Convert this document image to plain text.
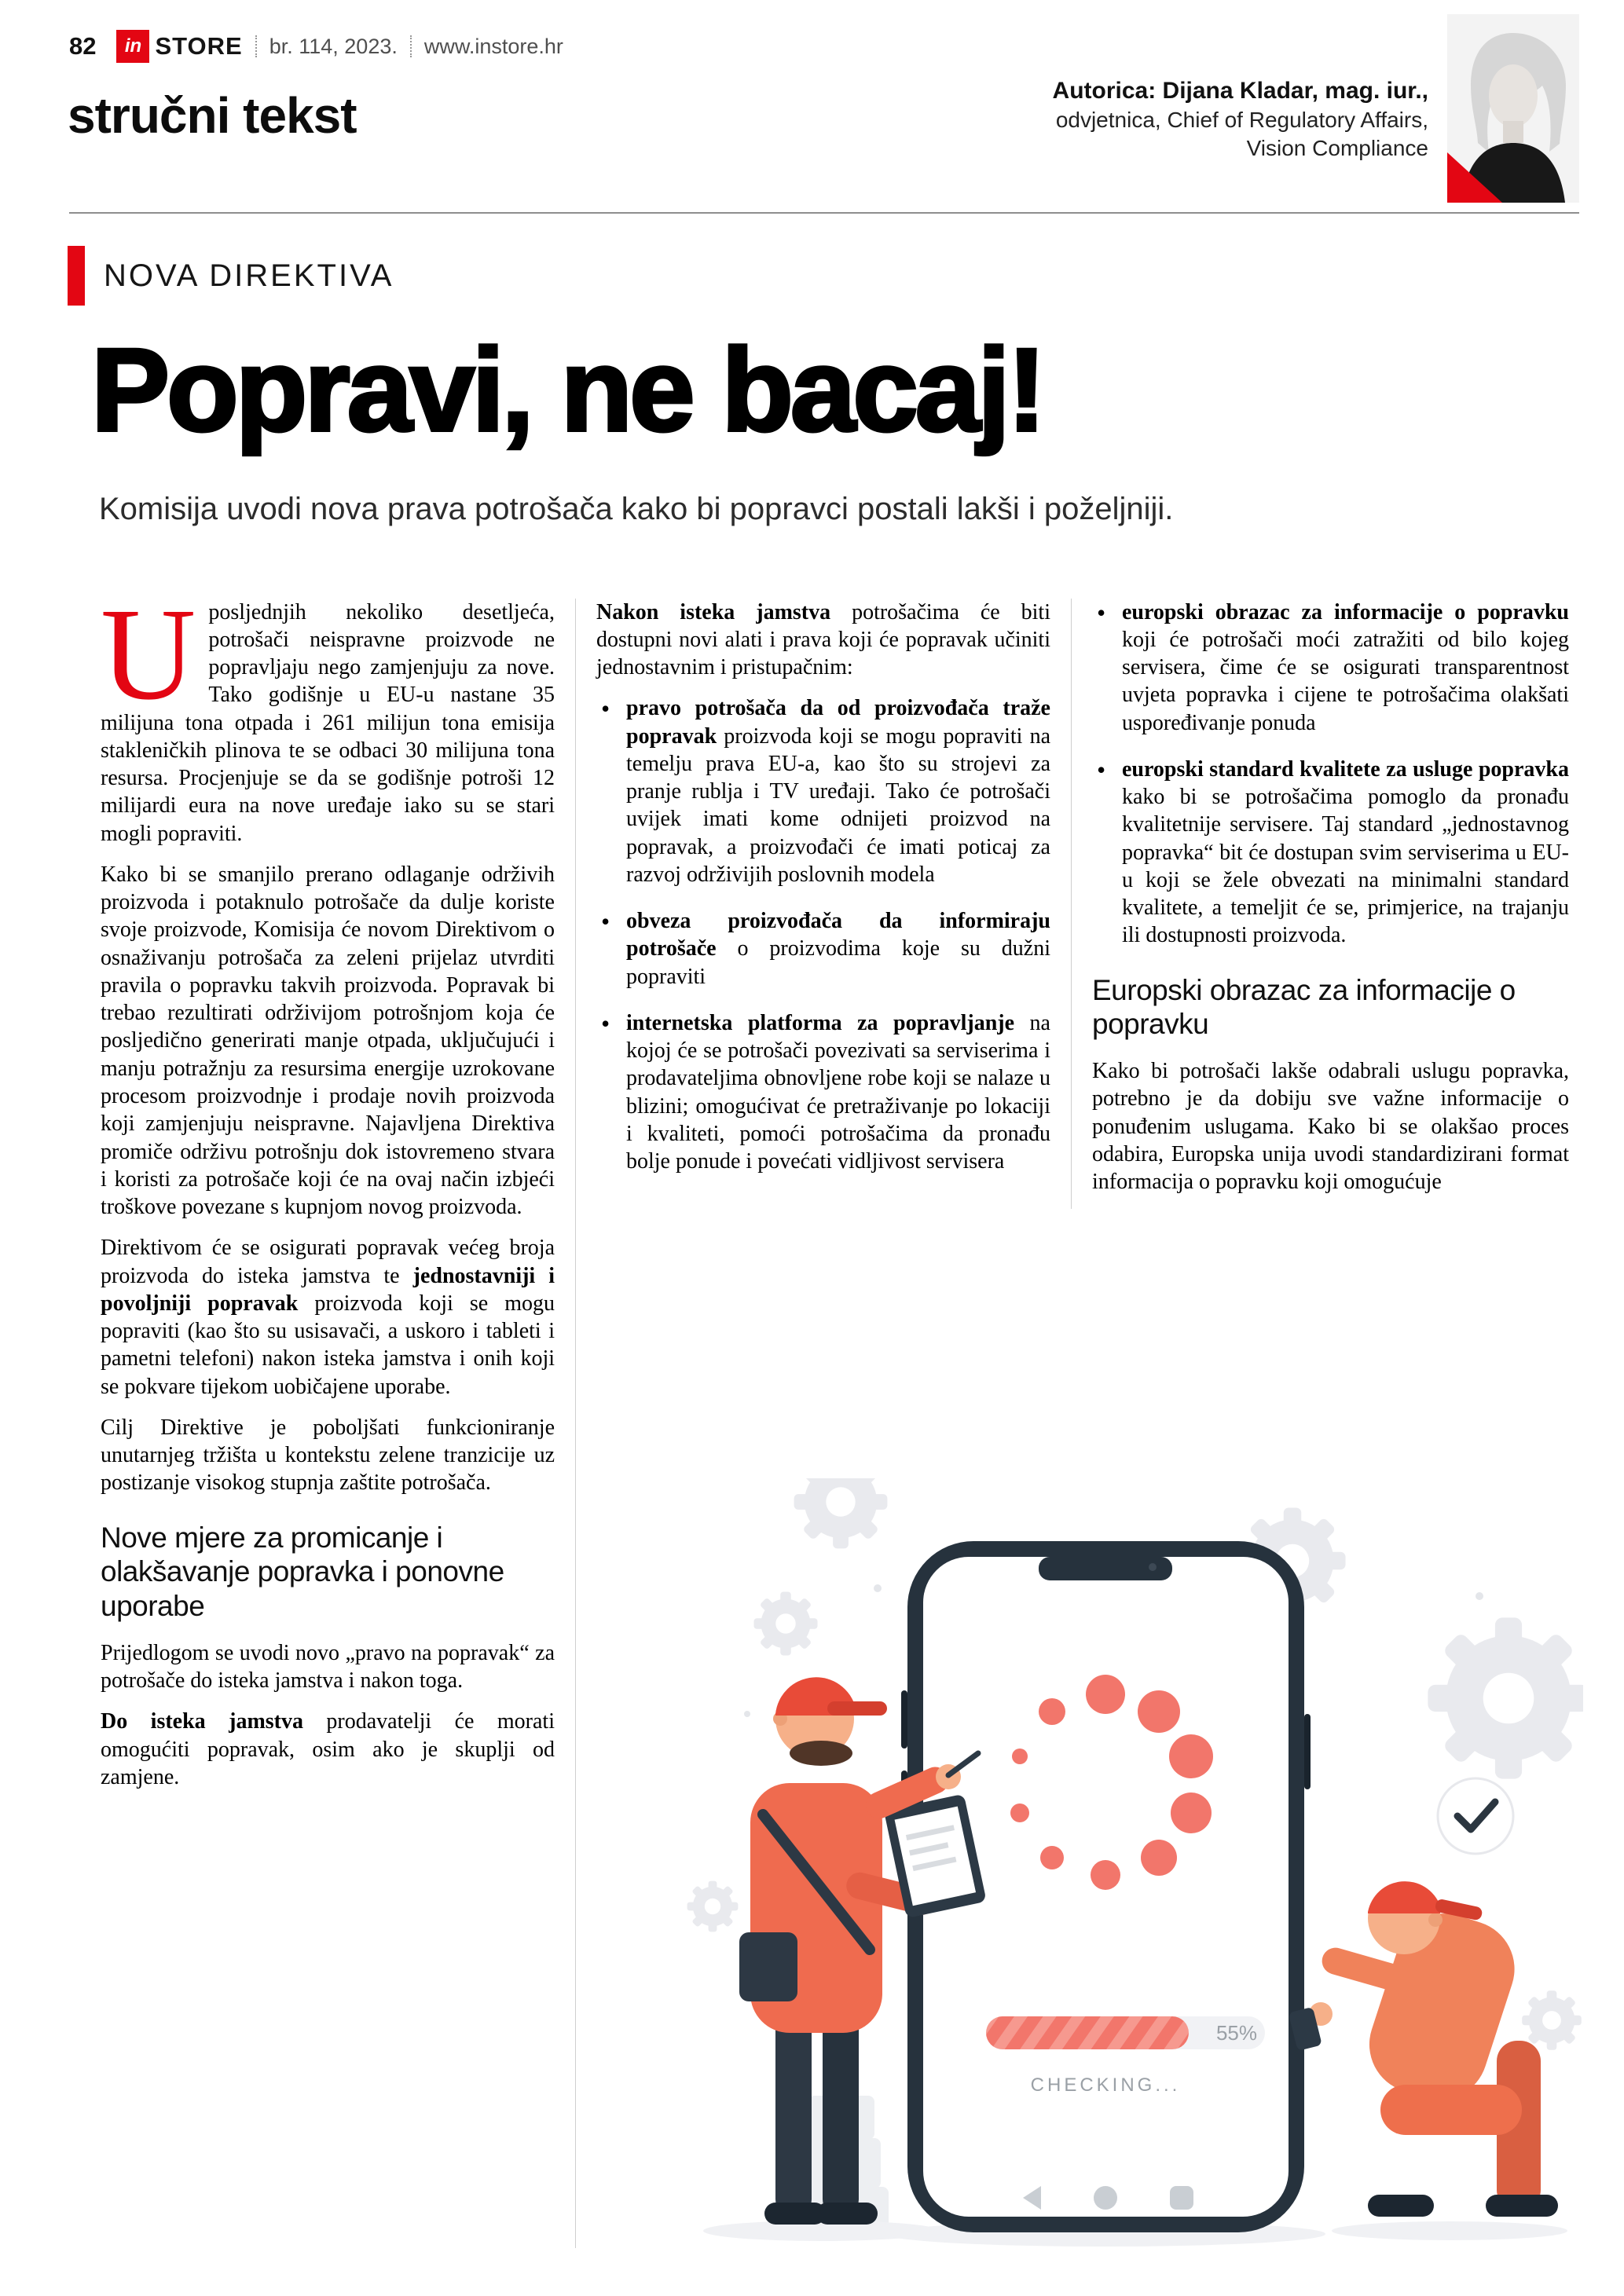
82	in STORE br. 114, 2023. www.instore.hr
stručni tekst	Autorica: Dijana Kladar, mag. iur.,
odvjetnica, Chief of Regulatory Affairs,
Vision Compliance
NOVA DIREKTIVA
Popravi, ne bacaj!

Komisija uvodi nova prava potrošača kako bi popravci postali lakši i poželjniji.

Uposljednjih nekoliko desetljeća, potrošači neispravne proizvode ne popravljaju nego zamjenjuju za nove. Tako godišnje u EU-u nastane 35 milijuna tona otpada i 261 milijun tona emisija stakleničkih plinova te se odbaci 30 milijuna tona resursa. Procjenjuje se da se godišnje potroši 12 milijardi eura na nove uređaje iako su se stari mogli popraviti.

Kako bi se smanjilo prerano odlaganje održivih proizvoda i potaknulo potrošače da dulje koriste svoje proizvode, Komisija će novom Direktivom o osnaživanju potrošača za zeleni prijelaz utvrditi pravila o popravku takvih proizvoda. Popravak bi trebao rezultirati održivijom potrošnjom koja će posljedično generirati manje otpada, uključujući i manju potražnju za resursima energije uzrokovane procesom proizvodnje i prodaje novih proizvoda koji zamjenjuju neispravne. Najavljena Direktiva promiče održivu potrošnju dok istovremeno stvara i koristi za potrošače koji će na ovaj način izbjeći troškove povezane s kupnjom novog proizvoda.

Direktivom će se osigurati popravak većeg broja proizvoda do isteka jamstva te jednostavniji i povoljniji popravak proizvoda koji se mogu popraviti (kao što su usisavači, a uskoro i tableti i pametni telefoni) nakon isteka jamstva i onih koji se pokvare tijekom uobičajene uporabe.

Cilj Direktive je poboljšati funkcioniranje unutarnjeg tržišta u kontekstu zelene tranzicije uz postizanje visokog stupnja zaštite potrošača.

Nove mjere za promicanje i olakšavanje popravka i ponovne uporabe

Prijedlogom se uvodi novo „pravo na popravak“ za potrošače do isteka jamstva i nakon toga.

Do isteka jamstva prodavatelji će morati omogućiti popravak, osim ako je skuplji od zamjene.

Nakon isteka jamstva potrošačima će biti dostupni novi alati i prava koji će popravak učiniti jednostavnim i pristupačnim:

• pravo potrošača da od proizvođača traže popravak proizvoda koji se mogu popraviti na temelju prava EU-a, kao što su strojevi za pranje rublja i TV uređaji. Tako će potrošači uvijek imati kome odnijeti proizvod na popravak, a proizvođači će imati poticaj za razvoj održivijih poslovnih modela
• obveza proizvođača da informiraju potrošače o proizvodima koje su dužni popraviti
• internetska platforma za popravljanje na kojoj će se potrošači povezivati sa serviserima i prodavateljima obnovljene robe koji se nalaze u blizini; omogućivat će pretraživanje po lokaciji i kvaliteti, pomoći potrošačima da pronađu bolje ponude i povećati vidljivost servisera
• europski obrazac za informacije o popravku koji će potrošači moći zatražiti od bilo kojeg servisera, čime će se osigurati transparentnost uvjeta popravka i cijene te potrošačima olakšati uspoređivanje ponuda
• europski standard kvalitete za usluge popravka kako bi se potrošačima pomoglo da pronađu kvalitetnije servisere. Taj standard „jednostavnog popravka“ bit će dostupan svim serviserima u EU-u koji se žele obvezati na minimalni standard kvalitete, a temeljit će se, primjerice, na trajanju ili dostupnosti proizvoda.
Europski obrazac za informacije o popravku

Kako bi potrošači lakše odabrali uslugu popravka, potrebno je da dobiju sve važne informacije o ponuđenim uslugama. Kako bi se olakšao proces odabira, Europska unija uvodi standardizirani format informacija o popravku koji omogućuje

55%
CHECKING...
